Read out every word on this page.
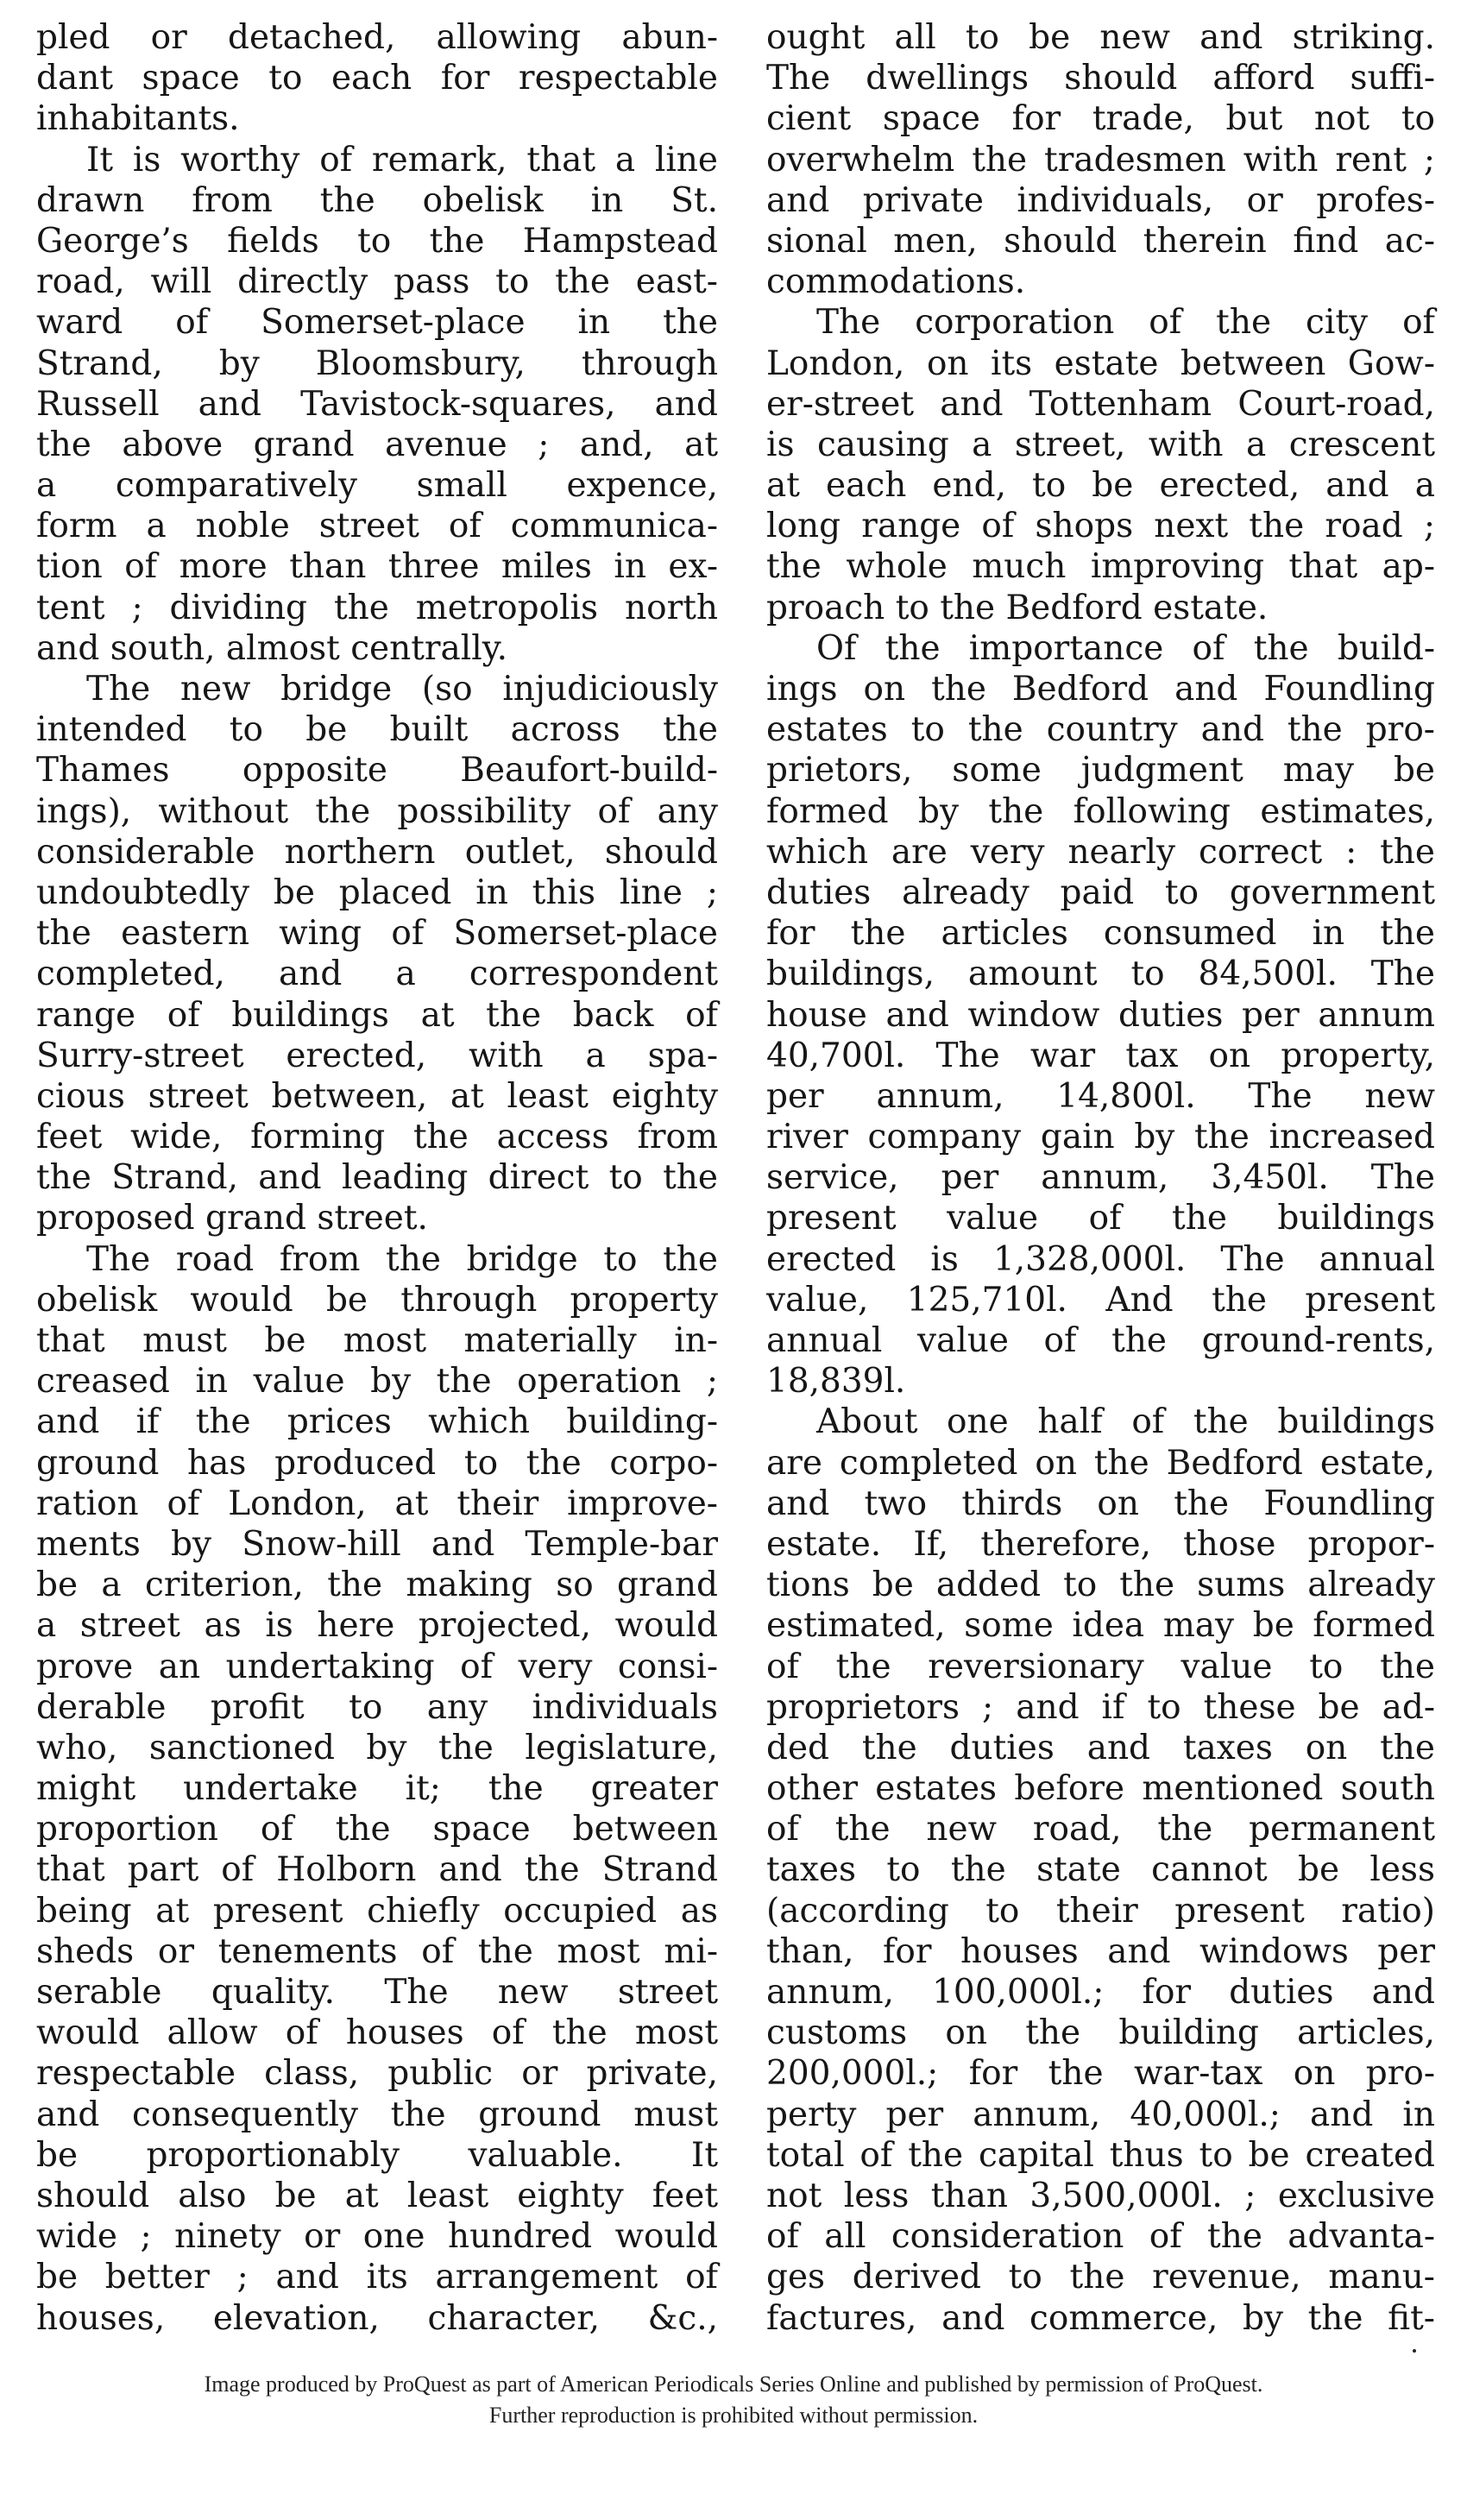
pled or detached, allowing abun-
dant space to each for respectable
inhabitants.
It is worthy of remark, that a line
drawn from the obelisk in St.
George’s fields to the Hampstead
road, will directly pass to the east-
ward of Somerset-place in the
Strand, by Bloomsbury, through
Russell and Tavistock-squares, and
the above grand avenue ; and, at
a comparatively small expence,
form a noble street of communica-
tion of more than three miles in ex-
tent ; dividing the metropolis north
and south, almost centrally.
The new bridge (so injudiciously
intended to be built across the
Thames opposite Beaufort-build-
ings), without the possibility of any
considerable northern outlet, should
undoubtedly be placed in this line ;
the eastern wing of Somerset-place
completed, and a correspondent
range of buildings at the back of
Surry-street erected, with a spa-
cious street between, at least eighty
feet wide, forming the access from
the Strand, and leading direct to the
proposed grand street.
The road from the bridge to the
obelisk would be through property
that must be most materially in-
creased in value by the operation ;
and if the prices which building-
ground has produced to the corpo-
ration of London, at their improve-
ments by Snow-hill and Temple-bar
be a criterion, the making so grand
a street as is here projected, would
prove an undertaking of very consi-
derable profit to any individuals
who, sanctioned by the legislature,
might undertake it; the greater
proportion of the space between
that part of Holborn and the Strand
being at present chiefly occupied as
sheds or tenements of the most mi-
serable quality. The new street
would allow of houses of the most
respectable class, public or private,
and consequently the ground must
be proportionably valuable. It
should also be at least eighty feet
wide ; ninety or one hundred would
be better ; and its arrangement of
houses, elevation, character, &c.,
ought all to be new and striking.
The dwellings should afford suffi-
cient space for trade, but not to
overwhelm the tradesmen with rent ;
and private individuals, or profes-
sional men, should therein find ac-
commodations.
The corporation of the city of
London, on its estate between Gow-
er-street and Tottenham Court-road,
is causing a street, with a crescent
at each end, to be erected, and a
long range of shops next the road ;
the whole much improving that ap-
proach to the Bedford estate.
Of the importance of the build-
ings on the Bedford and Foundling
estates to the country and the pro-
prietors, some judgment may be
formed by the following estimates,
which are very nearly correct : the
duties already paid to government
for the articles consumed in the
buildings, amount to 84,500l. The
house and window duties per annum
40,700l. The war tax on property,
per annum, 14,800l. The new
river company gain by the increased
service, per annum, 3,450l. The
present value of the buildings
erected is 1,328,000l. The annual
value, 125,710l. And the present
annual value of the ground-rents,
18,839l.
About one half of the buildings
are completed on the Bedford estate,
and two thirds on the Foundling
estate. If, therefore, those propor-
tions be added to the sums already
estimated, some idea may be formed
of the reversionary value to the
proprietors ; and if to these be ad-
ded the duties and taxes on the
other estates before mentioned south
of the new road, the permanent
taxes to the state cannot be less
(according to their present ratio)
than, for houses and windows per
annum, 100,000l.; for duties and
customs on the building articles,
200,000l.; for the war-tax on pro-
perty per annum, 40,000l.; and in
total of the capital thus to be created
not less than 3,500,000l. ; exclusive
of all consideration of the advanta-
ges derived to the revenue, manu-
factures, and commerce, by the fit-
Image produced by ProQuest as part of American Periodicals Series Online and published by permission of ProQuest.
Further reproduction is prohibited without permission.
